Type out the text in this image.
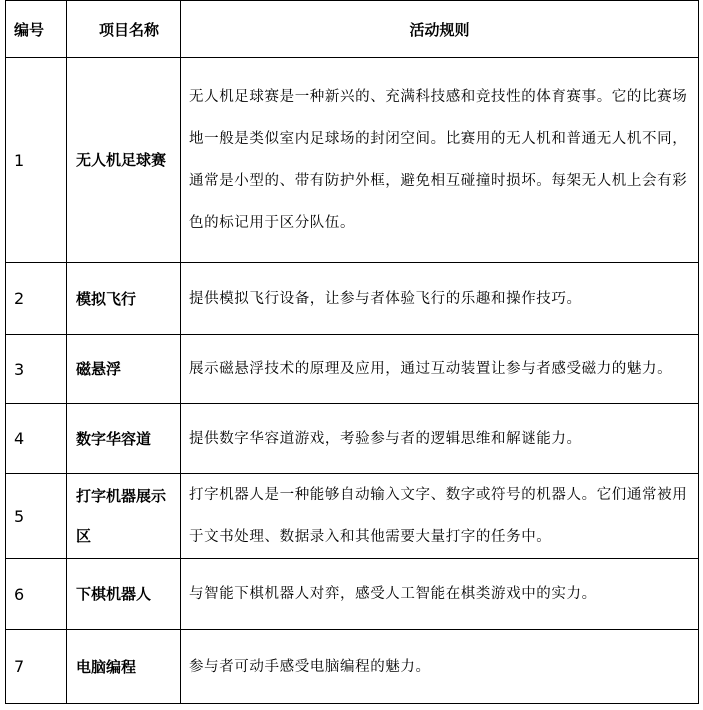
编号	项目名称	活动规则
1	无人机足球赛	无人机足球赛是一种新兴的、充满科技感和竞技性的体育赛事。它的比赛场地一般是类似室内足球场的封闭空间。比赛用的无人机和普通无人机不同，通常是小型的、带有防护外框，避免相互碰撞时损坏。每架无人机上会有彩色的标记用于区分队伍。
2	模拟飞行	提供模拟飞行设备，让参与者体验飞行的乐趣和操作技巧。
3	磁悬浮	展示磁悬浮技术的原理及应用，通过互动装置让参与者感受磁力的魅力。
4	数字华容道	提供数字华容道游戏，考验参与者的逻辑思维和解谜能力。
5	打字机器展示区	打字机器人是一种能够自动输入文字、数字或符号的机器人。它们通常被用于文书处理、数据录入和其他需要大量打字的任务中。
6	下棋机器人	与智能下棋机器人对弈，感受人工智能在棋类游戏中的实力。
7	电脑编程	参与者可动手感受电脑编程的魅力。
